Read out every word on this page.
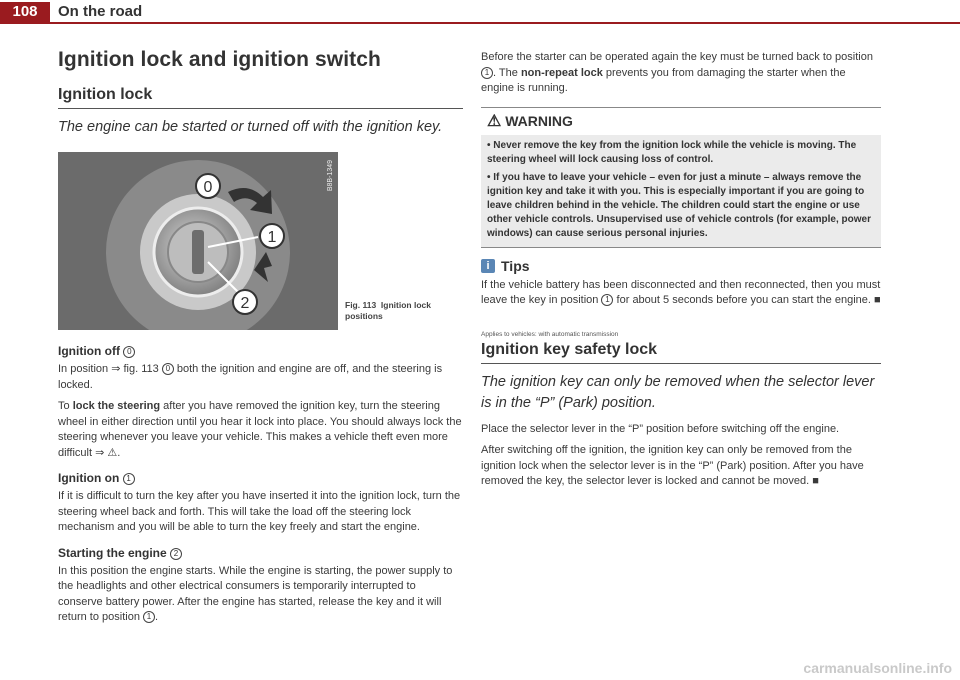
108	On the road
Ignition lock and ignition switch
Ignition lock
The engine can be started or turned off with the ignition key.
0
1
2
B8B-1349
Fig. 113 Ignition lock positions
Ignition off 0

In position ⇒ fig. 113 0 both the ignition and engine are off, and the steering is locked.

To lock the steering after you have removed the ignition key, turn the steering wheel in either direction until you hear it lock into place. You should always lock the steering whenever you leave your vehicle. This makes a vehicle theft even more difficult ⇒ ⚠.

Ignition on 1

If it is difficult to turn the key after you have inserted it into the ignition lock, turn the steering wheel back and forth. This will take the load off the steering lock mechanism and you will be able to turn the key freely and start the engine.

Starting the engine 2

In this position the engine starts. While the engine is starting, the power supply to the headlights and other electrical consumers is temporarily interrupted to conserve battery power. After the engine has started, release the key and it will return to position 1 .

Before the starter can be operated again the key must be turned back to position 1 . The non-repeat lock prevents you from damaging the starter when the engine is running.

⚠ WARNING

• Never remove the key from the ignition lock while the vehicle is moving. The steering wheel will lock causing loss of control.

• If you have to leave your vehicle – even for just a minute – always remove the ignition key and take it with you. This is especially important if you are going to leave children behind in the vehicle. The children could start the engine or use other vehicle controls. Unsupervised use of vehicle controls (for example, power windows) can cause serious personal injuries.

i Tips

If the vehicle battery has been disconnected and then reconnected, then you must leave the key in position 1 for about 5 seconds before you can start the engine. ■

Applies to vehicles: with automatic transmission
Ignition key safety lock
The ignition key can only be removed when the selector lever is in the “P” (Park) position.

Place the selector lever in the “P” position before switching off the engine.

After switching off the ignition, the ignition key can only be removed from the ignition lock when the selector lever is in the “P” (Park) position. After you have removed the key, the selector lever is locked and cannot be moved. ■

carmanualsonline.info
